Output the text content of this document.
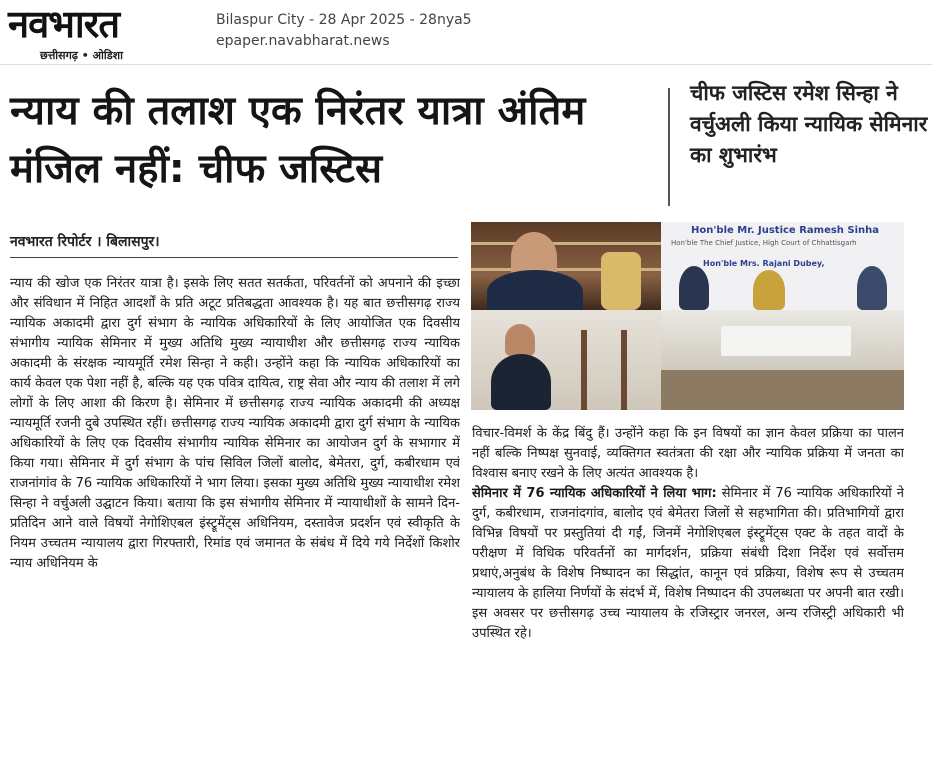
नवभारत
छत्तीसगढ़ • ओडिशा
Bilaspur City - 28 Apr 2025 - 28nya5
epaper.navabharat.news
न्याय की तलाश एक निरंतर यात्रा अंतिम मंजिल नहीं: चीफ जस्टिस
चीफ जस्टिस रमेश सिन्हा ने वर्चुअली किया न्यायिक सेमिनार का शुभारंभ
नवभारत रिपोर्टर । बिलासपुर।

न्याय की खोज एक निरंतर यात्रा है। इसके लिए सतत सतर्कता, परिवर्तनों को अपनाने की इच्छा और संविधान में निहित आदर्शों के प्रति अटूट प्रतिबद्धता आवश्यक है। यह बात छत्तीसगढ़ राज्य न्यायिक अकादमी द्वारा दुर्ग संभाग के न्यायिक अधिकारियों के लिए आयोजित एक दिवसीय संभागीय न्यायिक सेमिनार में मुख्य अतिथि मुख्य न्यायाधीश और छत्तीसगढ़ राज्य न्यायिक अकादमी के संरक्षक न्यायमूर्ति रमेश सिन्हा ने कही। उन्होंने कहा कि न्यायिक अधिकारियों का कार्य केवल एक पेशा नहीं है, बल्कि यह एक पवित्र दायित्व, राष्ट्र सेवा और न्याय की तलाश में लगे लोगों के लिए आशा की किरण है। सेमिनार में छत्तीसगढ़ राज्य न्यायिक अकादमी की अध्यक्ष न्यायमूर्ति रजनी दुबे उपस्थित रहीं। छत्तीसगढ़ राज्य न्यायिक अकादमी द्वारा दुर्ग संभाग के न्यायिक अधिकारियों के लिए एक दिवसीय संभागीय न्यायिक सेमिनार का आयोजन दुर्ग के सभागार में किया गया। सेमिनार में दुर्ग संभाग के पांच सिविल जिलों बालोद, बेमेतरा, दुर्ग, कबीरधाम एवं राजनांगांव के 76 न्यायिक अधिकारियों ने भाग लिया। इसका मुख्य अतिथि मुख्य न्यायाधीश रमेश सिन्हा ने वर्चुअली उद्घाटन किया। बताया कि इस संभागीय सेमिनार में न्यायाधीशों के सामने दिन-प्रतिदिन आने वाले विषयों नेगोशिएबल इंस्ट्रूमेंट्स अधिनियम, दस्तावेज प्रदर्शन एवं स्वीकृति के नियम उच्चतम न्यायालय द्वारा गिरफ्तारी, रिमांड एवं जमानत के संबंध में दिये गये निर्देशों किशोर न्याय अधिनियम के

Hon'ble Mr. Justice Ramesh Sinha
Hon'ble The Chief Justice, High Court of Chhattisgarh
Hon'ble Mrs. Rajani Dubey,

विचार-विमर्श के केंद्र बिंदु हैं। उन्होंने कहा कि इन विषयों का ज्ञान केवल प्रक्रिया का पालन नहीं बल्कि निष्पक्ष सुनवाई, व्यक्तिगत स्वतंत्रता की रक्षा और न्यायिक प्रक्रिया में जनता का विश्वास बनाए रखने के लिए अत्यंत आवश्यक है।

सेमिनार में 76 न्यायिक अधिकारियों ने लिया भाग: सेमिनार में 76 न्यायिक अधिकारियों ने दुर्ग, कबीरधाम, राजनांदगांव, बालोद एवं बेमेतरा जिलों से सहभागिता की। प्रतिभागियों द्वारा विभिन्न विषयों पर प्रस्तुतियां दी गईं, जिनमें नेगोशिएबल इंस्ट्रूमेंट्स एक्ट के तहत वादों के परीक्षण में विधिक परिवर्तनों का मार्गदर्शन, प्रक्रिया संबंधी दिशा निर्देश एवं सर्वोत्तम प्रथाएं,अनुबंध के विशेष निष्पादन का सिद्धांत, कानून एवं प्रक्रिया, विशेष रूप से उच्चतम न्यायालय के हालिया निर्णयों के संदर्भ में, विशेष निष्पादन की उपलब्धता पर अपनी बात रखी। इस अवसर पर छत्तीसगढ़ उच्च न्यायालय के रजिस्ट्रार जनरल, अन्य रजिस्ट्री अधिकारी भी उपस्थित रहे।
